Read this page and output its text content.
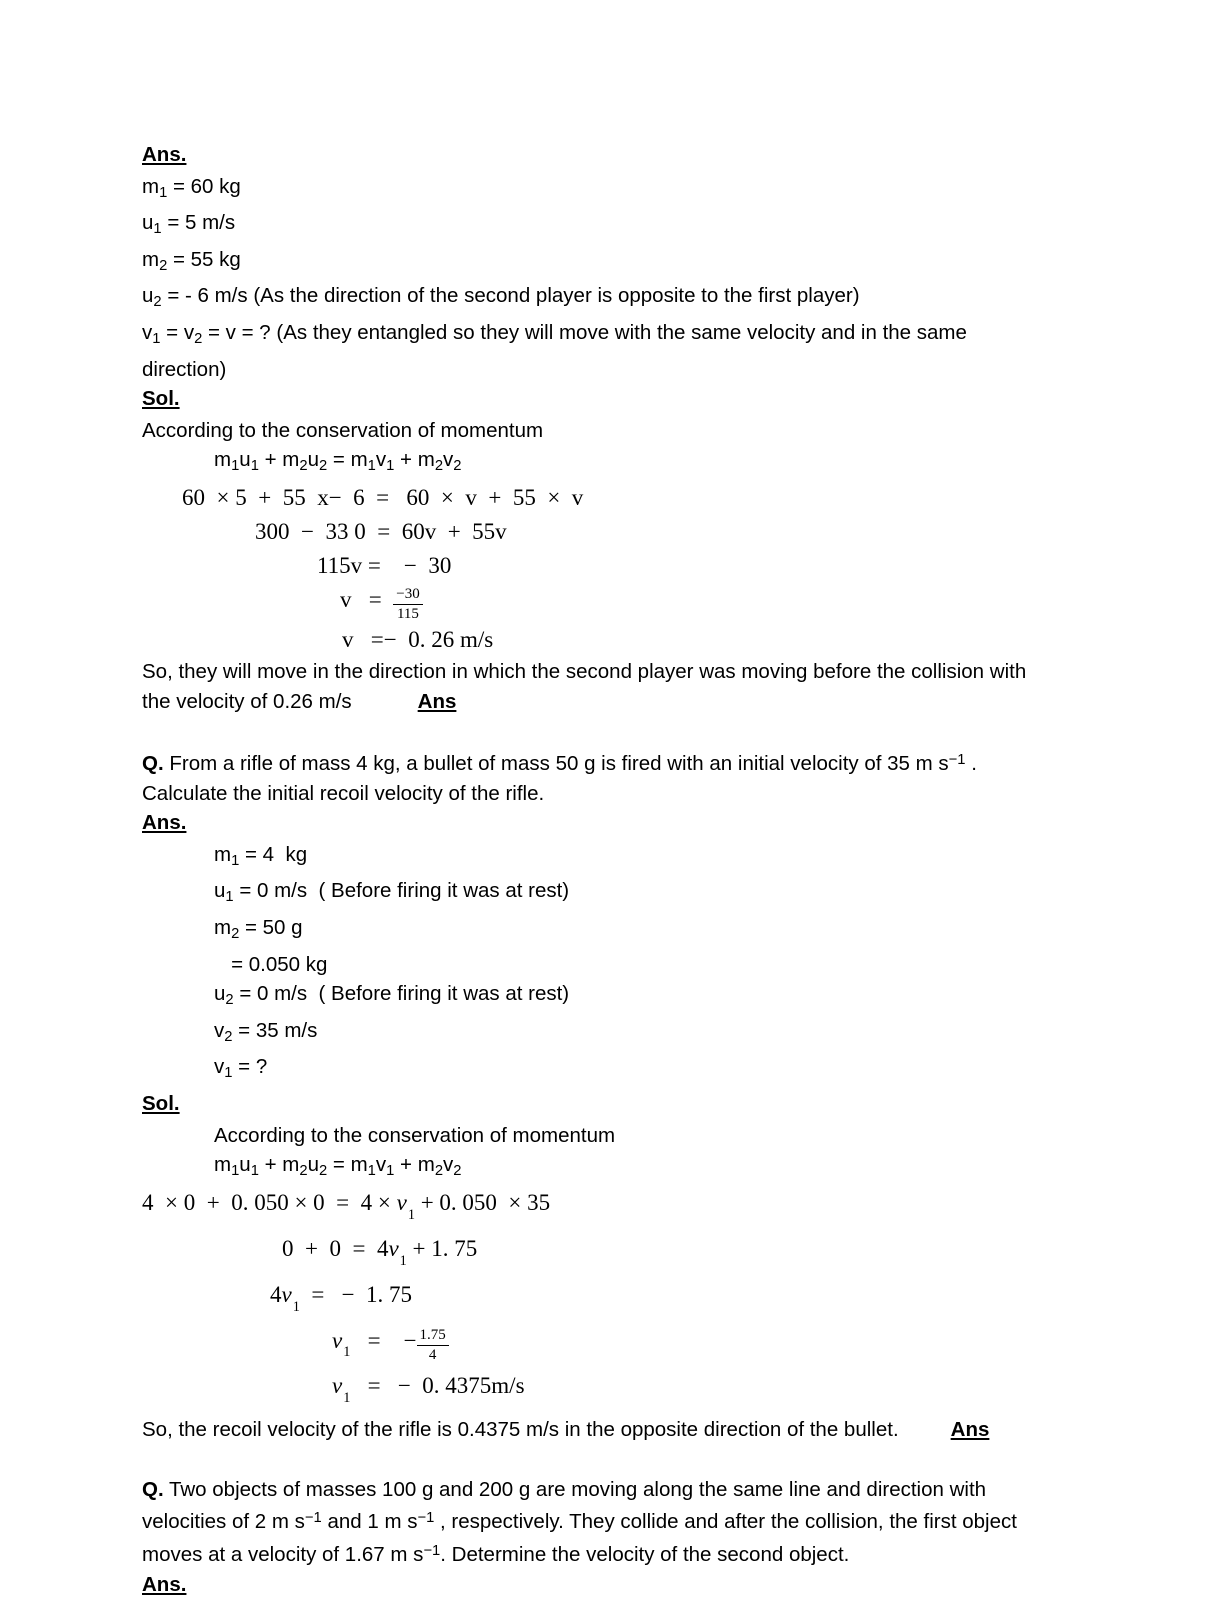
Ans.
$m_1 = 60$ kg
$u_1 = 5$ m/s
$m_2 = 55$ kg
$u_2$ = - 6 m/s (As the direction of the second player is opposite to the first player)
$v_1 = v_2 = v$ = ? (As they entangled so they will move with the same velocity and in the same direction)
Sol.
According to the conservation of momentum
$m_1u_1 + m_2u_2 = m_1v_1 + m_2v_2$
60  × 5  +  55  x−  6  =   60  ×  v  +  55  ×  v
300  −  33 0  =  60v  +  55v
115v =    −  30
$v = \frac{-30}{115}$
v   =−  0. 26 m/s
So, they will move in the direction in which the second player was moving before the collision with the velocity of 0.26 m/s	Ans
Q. From a rifle of mass 4 kg, a bullet of mass 50 g is fired with an initial velocity of 35 m $s^{-1}$ . Calculate the initial recoil velocity of the rifle.
Ans.
$m_1 = 4$  kg
$u_1 = 0$ m/s  ( Before firing it was at rest)
$m_2 = 50$ g
= 0.050 kg
$u_2 = 0$ m/s  ( Before firing it was at rest)
$v_2 = 35$ m/s
$v_1$ = ?
Sol.
According to the conservation of momentum
$m_1u_1 + m_2u_2 = m_1v_1 + m_2v_2$
4  × 0  +  0. $050 \times 0 = 4 \times v_1 + 0$. 050  × 35
$0 + 0 = 4v_1 + 1$. 75
$4v_1$  =   −  1. 75
$v_1$   =    − $\frac{1.75}{4}$
$v_1$   =   −  0. 4375m/s
So, the recoil velocity of the rifle is 0.4375 m/s in the opposite direction of the bullet.	Ans
Q. Two objects of masses 100 g and 200 g are moving along the same line and direction with velocities of 2 m $s^{-1}$ and 1 m $s^{-1}$ , respectively. They collide and after the collision, the first object moves at a velocity of 1.67 m $s^{-1}$. Determine the velocity of the second object.
Ans.
